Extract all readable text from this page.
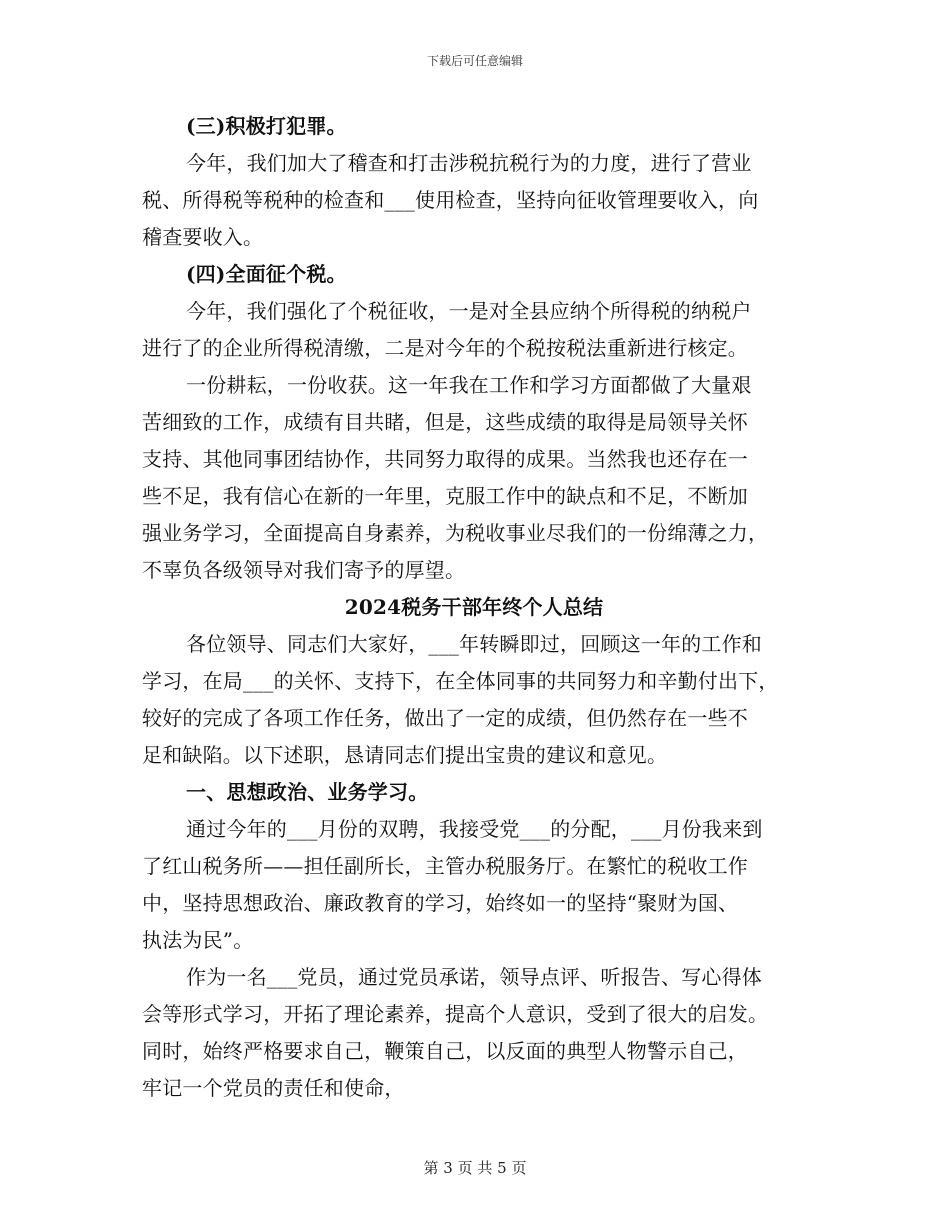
下载后可任意编辑
(三)积极打犯罪。
今年，我们加大了稽查和打击涉税抗税行为的力度，进行了营业
税、所得税等税种的检查和___使用检查，坚持向征收管理要收入，向
稽查要收入。
(四)全面征个税。
今年，我们强化了个税征收，一是对全县应纳个所得税的纳税户
进行了的企业所得税清缴，二是对今年的个税按税法重新进行核定。
一份耕耘，一份收获。这一年我在工作和学习方面都做了大量艰
苦细致的工作，成绩有目共睹，但是，这些成绩的取得是局领导关怀
支持、其他同事团结协作，共同努力取得的成果。当然我也还存在一
些不足，我有信心在新的一年里，克服工作中的缺点和不足，不断加
强业务学习，全面提高自身素养，为税收事业尽我们的一份绵薄之力，
不辜负各级领导对我们寄予的厚望。
2024税务干部年终个人总结
各位领导、同志们大家好，___年转瞬即过，回顾这一年的工作和
学习，在局___的关怀、支持下，在全体同事的共同努力和辛勤付出下，
较好的完成了各项工作任务，做出了一定的成绩，但仍然存在一些不
足和缺陷。以下述职，恳请同志们提出宝贵的建议和意见。
一、思想政治、业务学习。
通过今年的___月份的双聘，我接受党___的分配，___月份我来到
了红山税务所——担任副所长，主管办税服务厅。在繁忙的税收工作
中，坚持思想政治、廉政教育的学习，始终如一的坚持“聚财为国、
执法为民”。
作为一名___党员，通过党员承诺，领导点评、听报告、写心得体
会等形式学习，开拓了理论素养，提高个人意识，受到了很大的启发。
同时，始终严格要求自己，鞭策自己，以反面的典型人物警示自己，
牢记一个党员的责任和使命，
第 3 页 共 5 页
